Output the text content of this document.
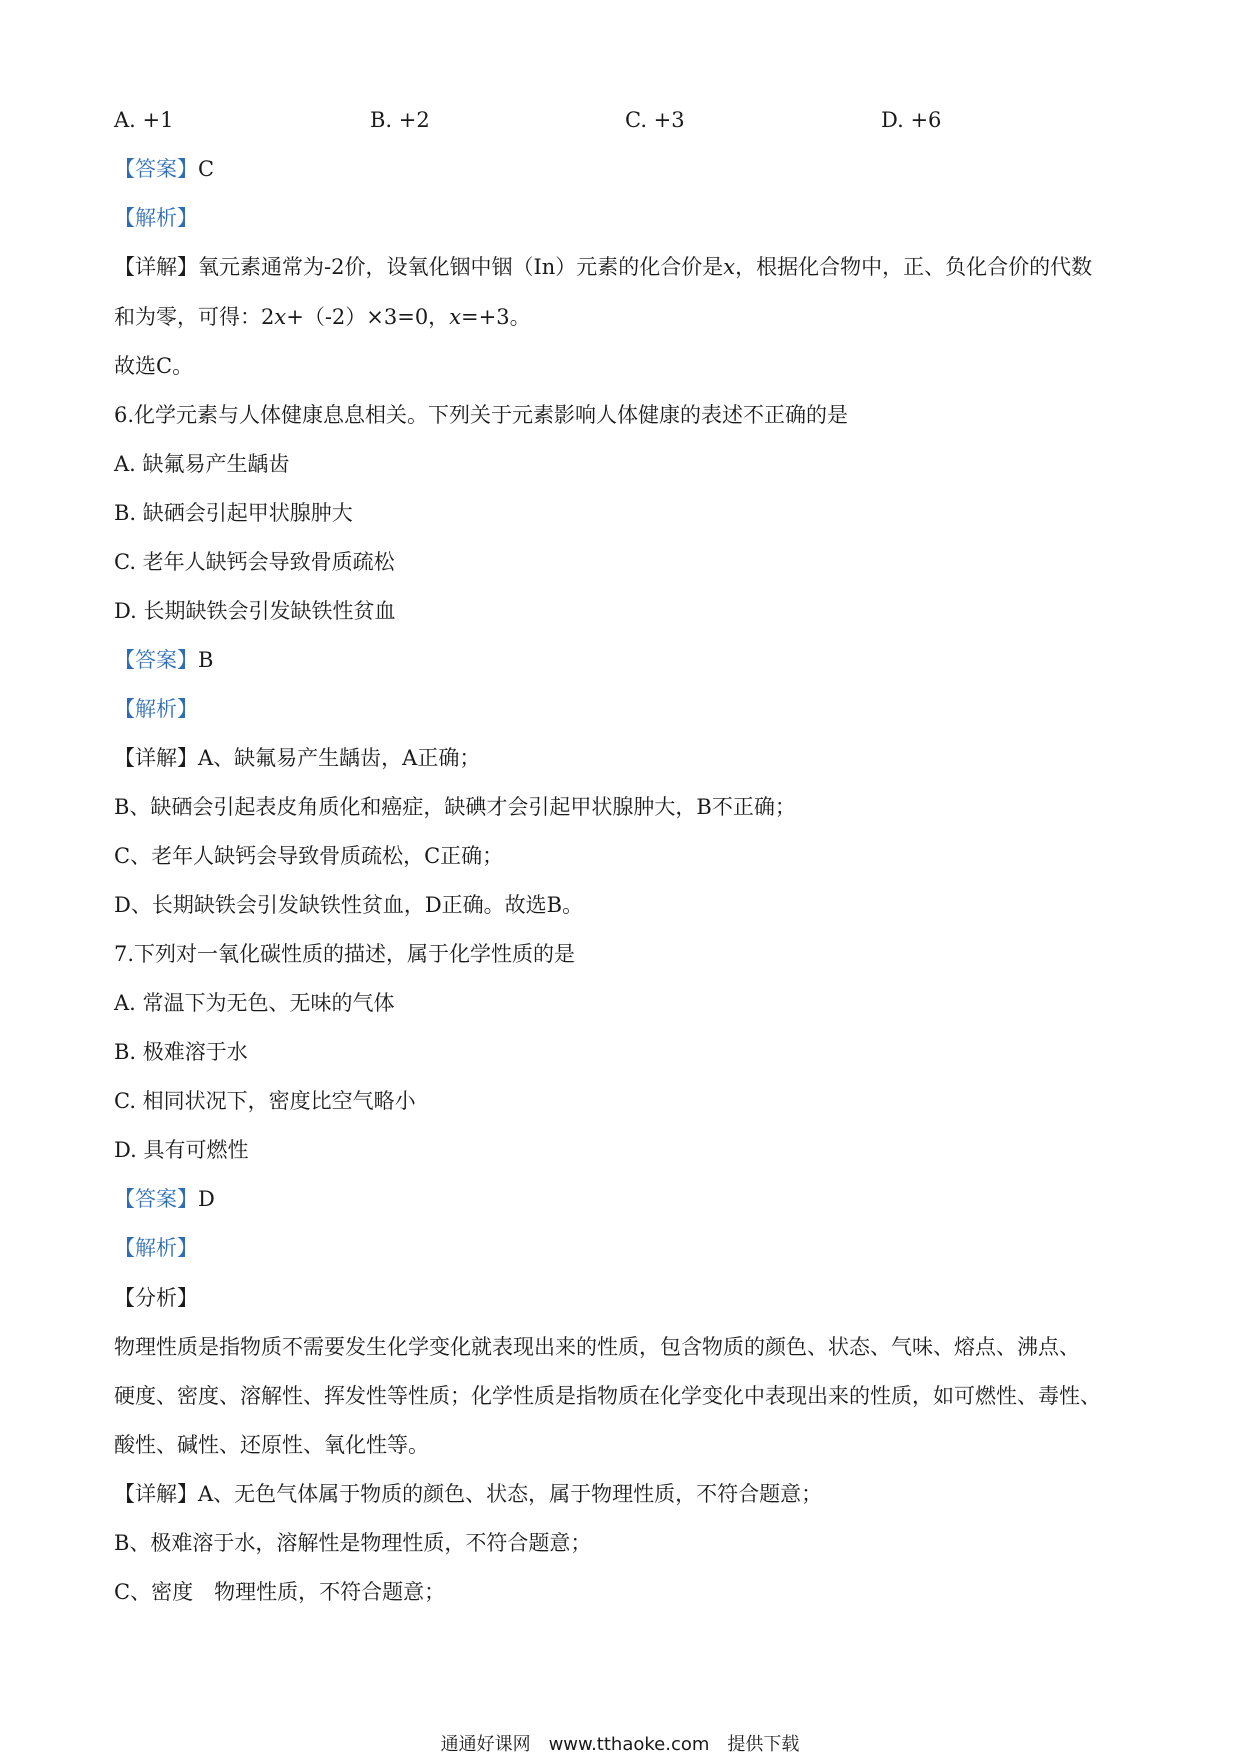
A. +1	B. +2	C. +3	D. +6
【答案】C
【解析】
【详解】氧元素通常为-2价，设氧化铟中铟（In）元素的化合价是x，根据化合物中，正、负化合价的代数
和为零，可得：2x+（-2）×3=0，x=+3。
故选C。
6.化学元素与人体健康息息相关。下列关于元素影响人体健康的表述不正确的是
A. 缺氟易产生龋齿
B. 缺硒会引起甲状腺肿大
C. 老年人缺钙会导致骨质疏松
D. 长期缺铁会引发缺铁性贫血
【答案】B
【解析】
【详解】A、缺氟易产生龋齿，A正确；
B、缺硒会引起表皮角质化和癌症，缺碘才会引起甲状腺肿大，B不正确；
C、老年人缺钙会导致骨质疏松，C正确；
D、长期缺铁会引发缺铁性贫血，D正确。故选B。
7.下列对一氧化碳性质的描述，属于化学性质的是
A. 常温下为无色、无味的气体
B. 极难溶于水
C. 相同状况下，密度比空气略小
D. 具有可燃性
【答案】D
【解析】
【分析】
物理性质是指物质不需要发生化学变化就表现出来的性质，包含物质的颜色、状态、气味、熔点、沸点、
硬度、密度、溶解性、挥发性等性质；化学性质是指物质在化学变化中表现出来的性质，如可燃性、毒性、
酸性、碱性、还原性、氧化性等。
【详解】A、无色气体属于物质的颜色、状态，属于物理性质，不符合题意；
B、极难溶于水，溶解性是物理性质，不符合题意；
C、密度　物理性质，不符合题意；
通通好课网　www.tthaoke.com　提供下载
